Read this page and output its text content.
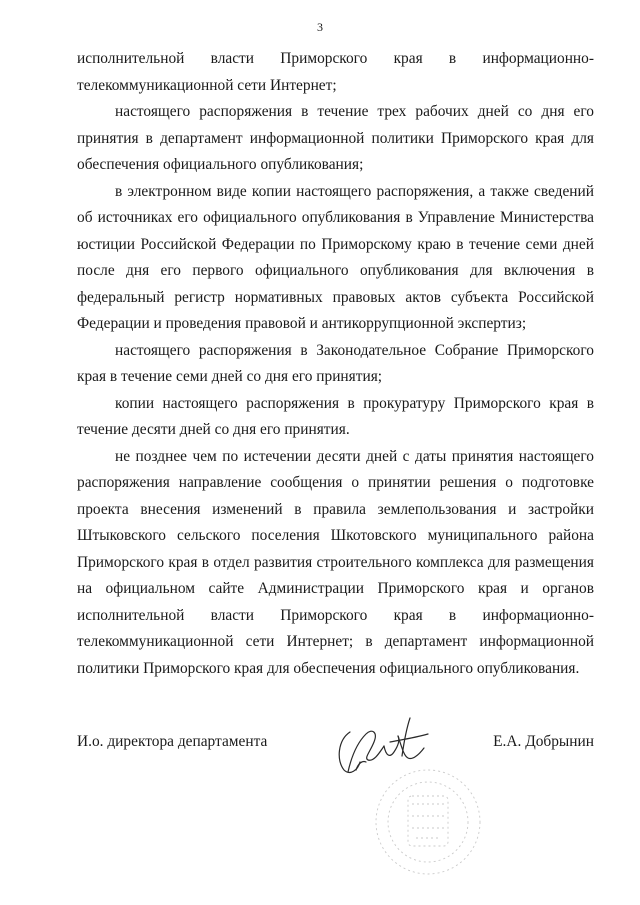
3

исполнительной власти Приморского края в информационно-телекоммуникационной сети Интернет;

настоящего распоряжения в течение трех рабочих дней со дня его принятия в департамент информационной политики Приморского края для обеспечения официального опубликования;

в электронном виде копии настоящего распоряжения, а также сведений об источниках его официального опубликования в Управление Министерства юстиции Российской Федерации по Приморскому краю в течение семи дней после дня его первого официального опубликования для включения в федеральный регистр нормативных правовых актов субъекта Российской Федерации и проведения правовой и антикоррупционной экспертиз;

настоящего распоряжения в Законодательное Собрание Приморского края в течение семи дней со дня его принятия;

копии настоящего распоряжения в прокуратуру Приморского края в течение десяти дней со дня его принятия.

не позднее чем по истечении десяти дней с даты принятия настоящего распоряжения направление сообщения о принятии решения о подготовке проекта внесения изменений в правила землепользования и застройки Штыковского сельского поселения Шкотовского муниципального района Приморского края в отдел развития строительного комплекса для размещения на официальном сайте Администрации Приморского края и органов исполнительной власти Приморского края в информационно-телекоммуникационной сети Интернет; в департамент информационной политики Приморского края для обеспечения официального опубликования.

И.о. директора департамента	Е.А. Добрынин
